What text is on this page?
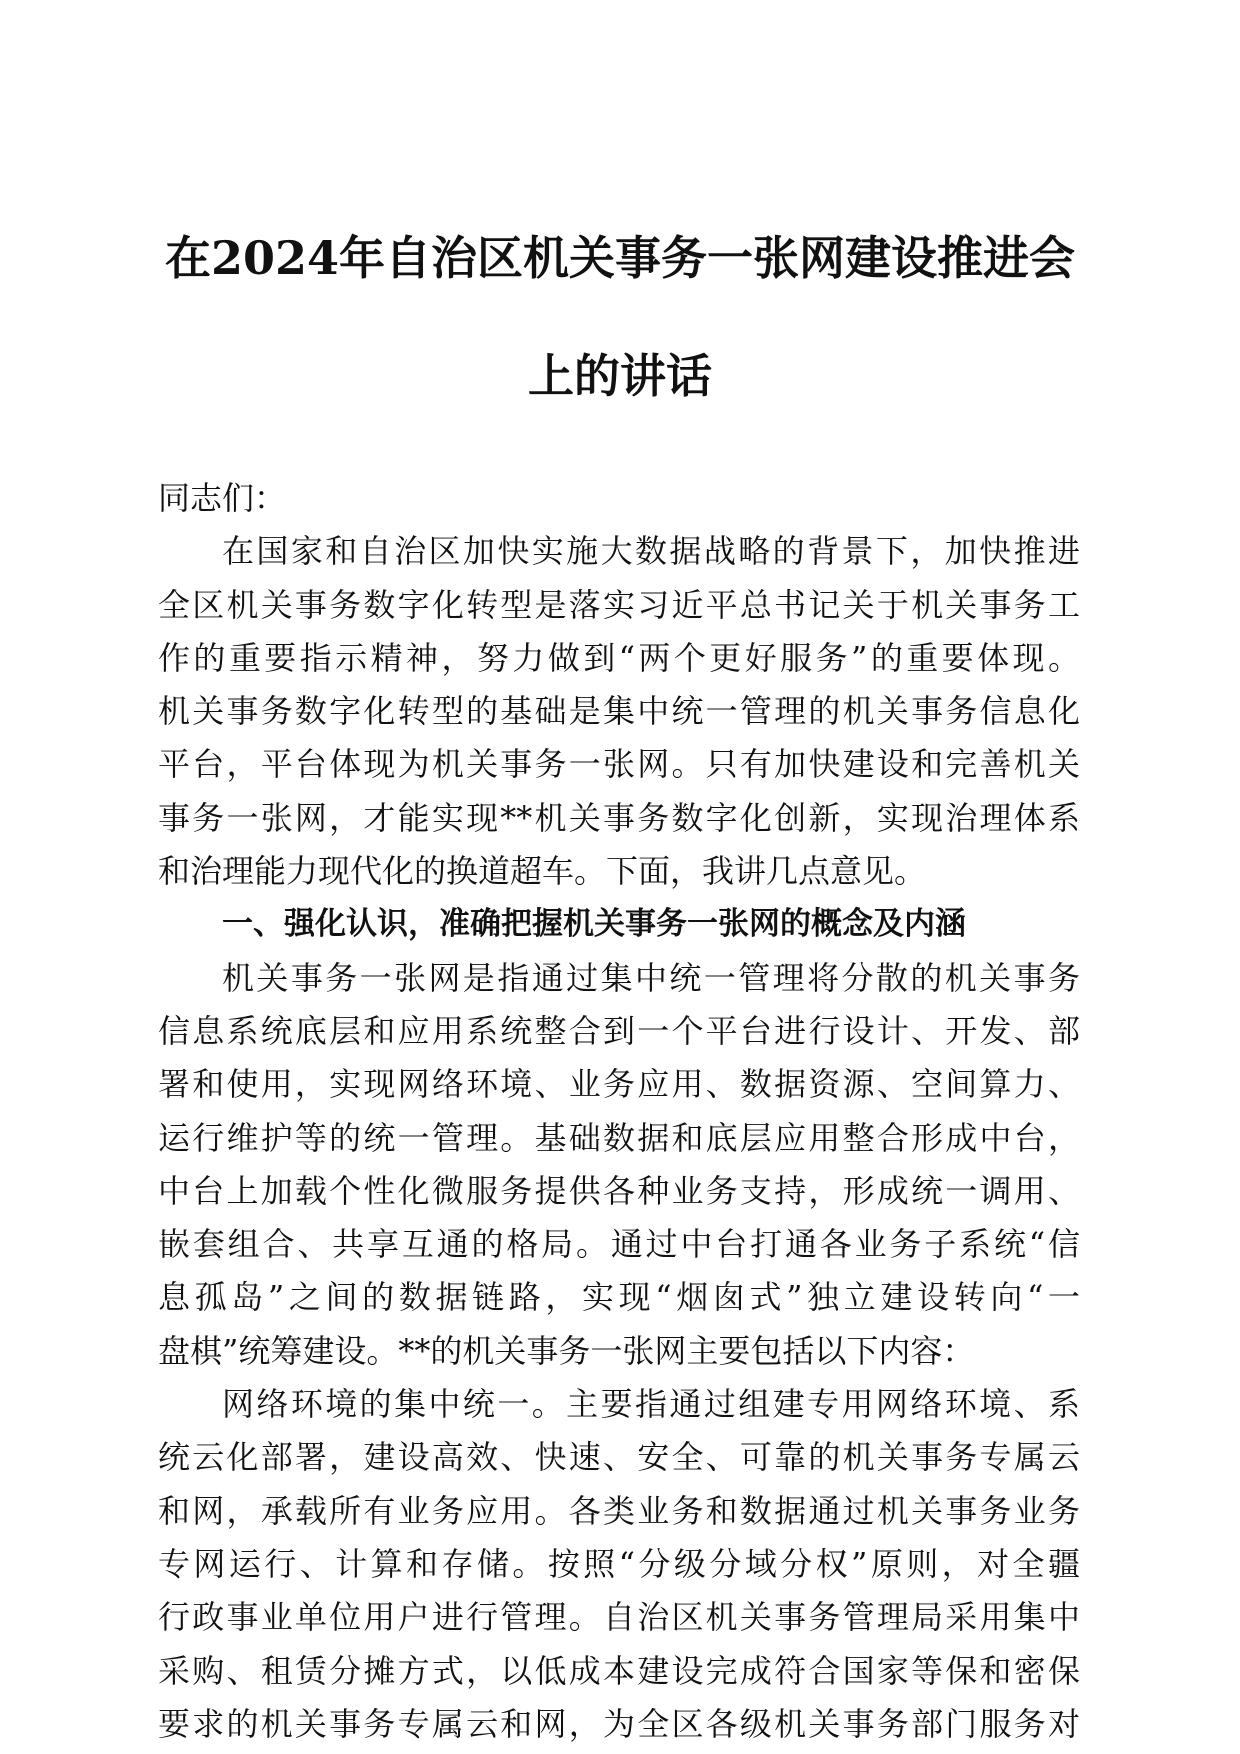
在2024年自治区机关事务一张网建设推进会
上的讲话
同志们：
在国家和自治区加快实施大数据战略的背景下，加快推进
全区机关事务数字化转型是落实习近平总书记关于机关事务工
作的重要指示精神，努力做到“两个更好服务”的重要体现。
机关事务数字化转型的基础是集中统一管理的机关事务信息化
平台，平台体现为机关事务一张网。只有加快建设和完善机关
事务一张网，才能实现**机关事务数字化创新，实现治理体系
和治理能力现代化的换道超车。下面，我讲几点意见。
一、强化认识，准确把握机关事务一张网的概念及内涵
机关事务一张网是指通过集中统一管理将分散的机关事务
信息系统底层和应用系统整合到一个平台进行设计、开发、部
署和使用，实现网络环境、业务应用、数据资源、空间算力、
运行维护等的统一管理。基础数据和底层应用整合形成中台，
中台上加载个性化微服务提供各种业务支持，形成统一调用、
嵌套组合、共享互通的格局。通过中台打通各业务子系统“信
息孤岛”之间的数据链路，实现“烟囱式”独立建设转向“一
盘棋”统筹建设。**的机关事务一张网主要包括以下内容：
网络环境的集中统一。主要指通过组建专用网络环境、系
统云化部署，建设高效、快速、安全、可靠的机关事务专属云
和网，承载所有业务应用。各类业务和数据通过机关事务业务
专网运行、计算和存储。按照“分级分域分权”原则，对全疆
行政事业单位用户进行管理。自治区机关事务管理局采用集中
采购、租赁分摊方式，以低成本建设完成符合国家等保和密保
要求的机关事务专属云和网，为全区各级机关事务部门服务对
